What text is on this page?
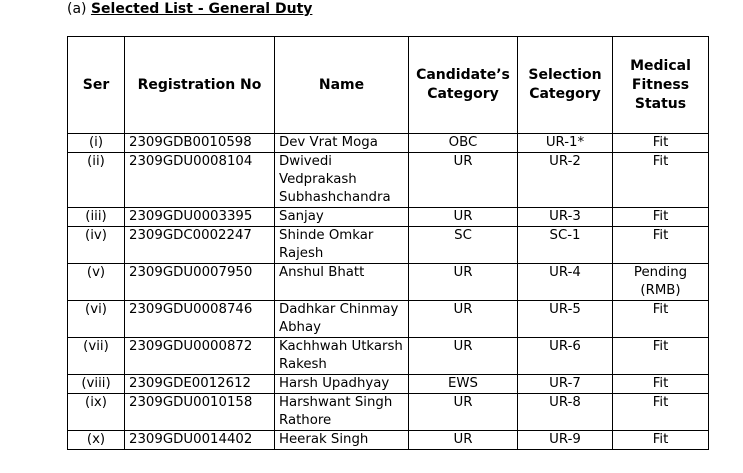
(a) Selected List - General Duty
Ser	Registration No	Name	Candidate’s Category	Selection Category	Medical Fitness Status
(i)	2309GDB0010598	Dev Vrat Moga	OBC	UR-1*	Fit
(ii)	2309GDU0008104	Dwivedi Vedprakash Subhashchandra	UR	UR-2	Fit
(iii)	2309GDU0003395	Sanjay	UR	UR-3	Fit
(iv)	2309GDC0002247	Shinde Omkar Rajesh	SC	SC-1	Fit
(v)	2309GDU0007950	Anshul Bhatt	UR	UR-4	Pending (RMB)
(vi)	2309GDU0008746	Dadhkar Chinmay Abhay	UR	UR-5	Fit
(vii)	2309GDU0000872	Kachhwah Utkarsh Rakesh	UR	UR-6	Fit
(viii)	2309GDE0012612	Harsh Upadhyay	EWS	UR-7	Fit
(ix)	2309GDU0010158	Harshwant Singh Rathore	UR	UR-8	Fit
(x)	2309GDU0014402	Heerak Singh	UR	UR-9	Fit
